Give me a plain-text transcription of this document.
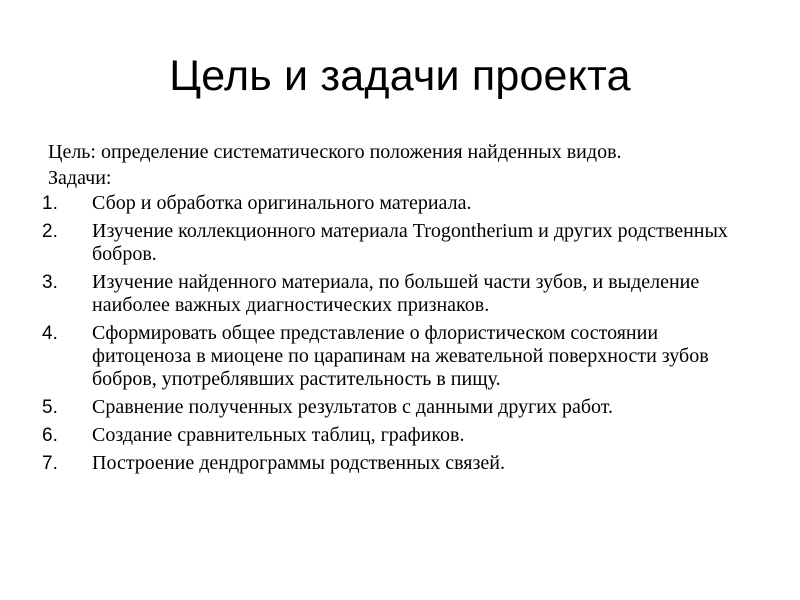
Цель и задачи проекта

Цель: определение систематического положения найденных видов.

Задачи:

1.	Сбор и обработка оригинального материала.
2.	Изучение коллекционного материала Trogontherium и других родственных бобров.
3.	Изучение найденного материала, по большей части зубов, и выделение наиболее важных диагностических признаков.
4.	Сформировать общее представление о флористическом состоянии фитоценоза в миоцене по царапинам на жевательной поверхности зубов бобров, употреблявших растительность в пищу.
5.	Сравнение полученных результатов с данными других работ.
6.	Создание сравнительных таблиц, графиков.
7.	Построение дендрограммы родственных связей.
